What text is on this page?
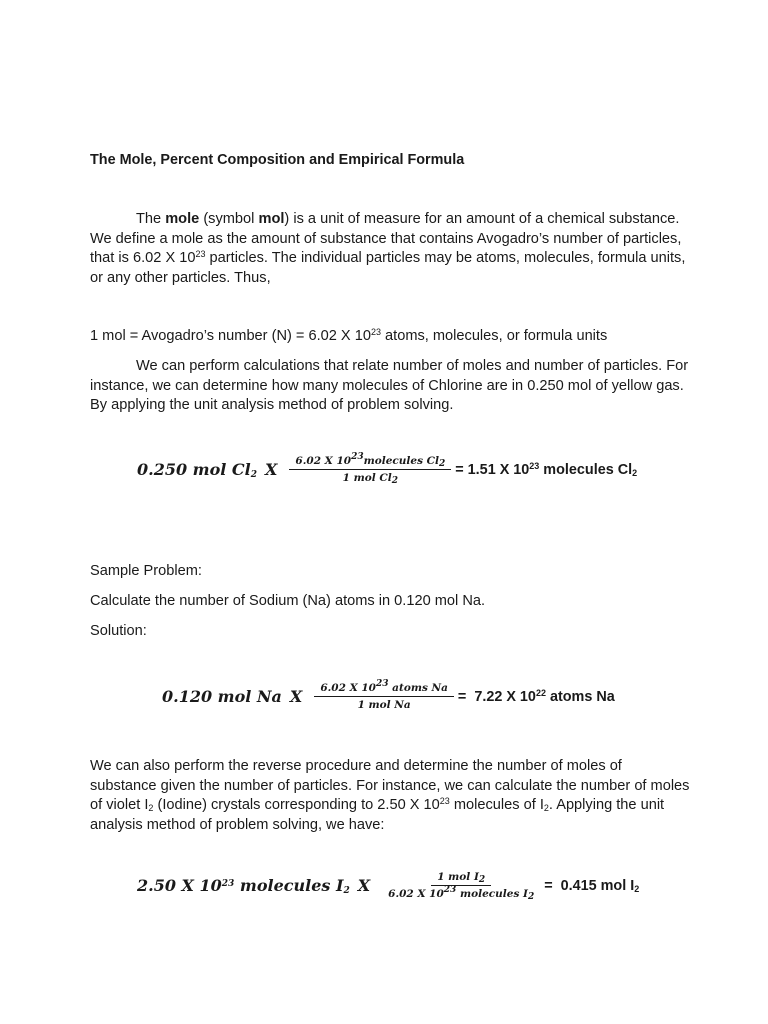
The Mole, Percent Composition and Empirical Formula
The mole (symbol mol) is a unit of measure for an amount of a chemical substance. We define a mole as the amount of substance that contains Avogadro’s number of particles, that is 6.02 X $10^{23}$ particles. The individual particles may be atoms, molecules, formula units, or any other particles. Thus,
1 mol = Avogadro’s number (N) = 6.02 X $10^{23}$ atoms, molecules, or formula units
We can perform calculations that relate number of moles and number of particles. For instance, we can determine how many molecules of Chlorine are in 0.250 mol of yellow gas. By applying the unit analysis method of problem solving.
0.250 mol $Cl_2$ X $\frac{6.02 X 10^{23}molecules Cl_2}{1 mol Cl_2} = 1.51$ X $10^{23}$ molecules $Cl_2$
Sample Problem:
Calculate the number of Sodium (Na) atoms in 0.120 mol Na.
Solution:
0.120 mol Na X $\frac{6.02 X 10^{23} atoms Na}{\text{1 mol Na}} = 7.22$ X $10^{22}$ atoms Na
We can also perform the reverse procedure and determine the number of moles of substance given the number of particles. For instance, we can calculate the number of moles of violet $I_2$ (Iodine) crystals corresponding to 2.50 X $10^{23}$ molecules of $I_2$. Applying the unit analysis method of problem solving, we have:
2.50 X $10^{23}$ molecules $I_2$ X $\frac{1 mol I_2}{6.02 X 10^{23} molecules I_2} = 0.415$ mol $I_2$
